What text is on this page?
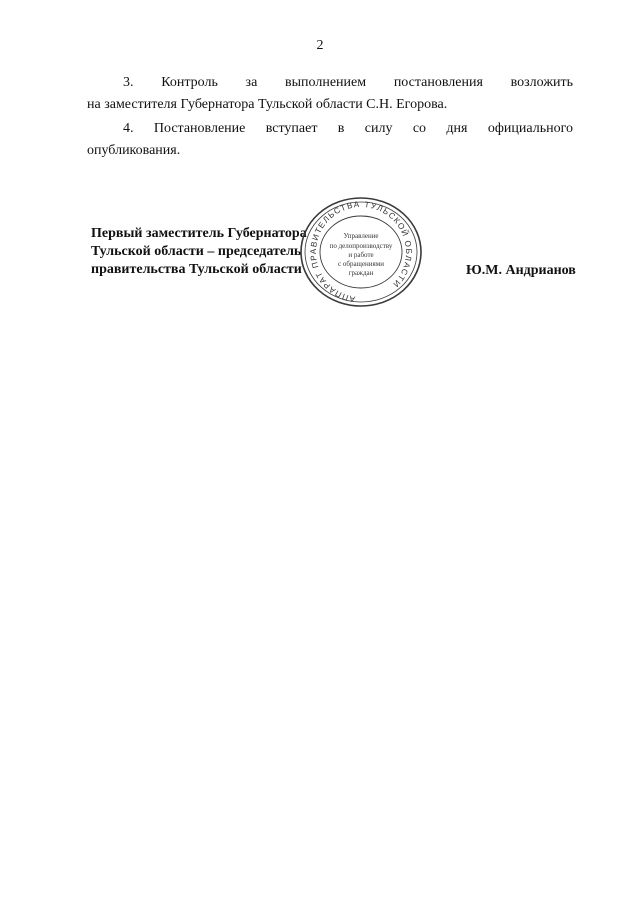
2
3. Контроль за выполнением постановления возложить
на заместителя Губернатора Тульской области С.Н. Егорова.
4. Постановление вступает в силу со дня официального
опубликования.
Первый заместитель Губернатора
Тульской области – председатель
правительства Тульской области
АППАРАТ ПРАВИТЕЛЬСТВА ТУЛЬСКОЙ ОБЛАСТИ
Управление
по делопроизводству
и работе
с обращениями
граждан	Ю.М. Андрианов
